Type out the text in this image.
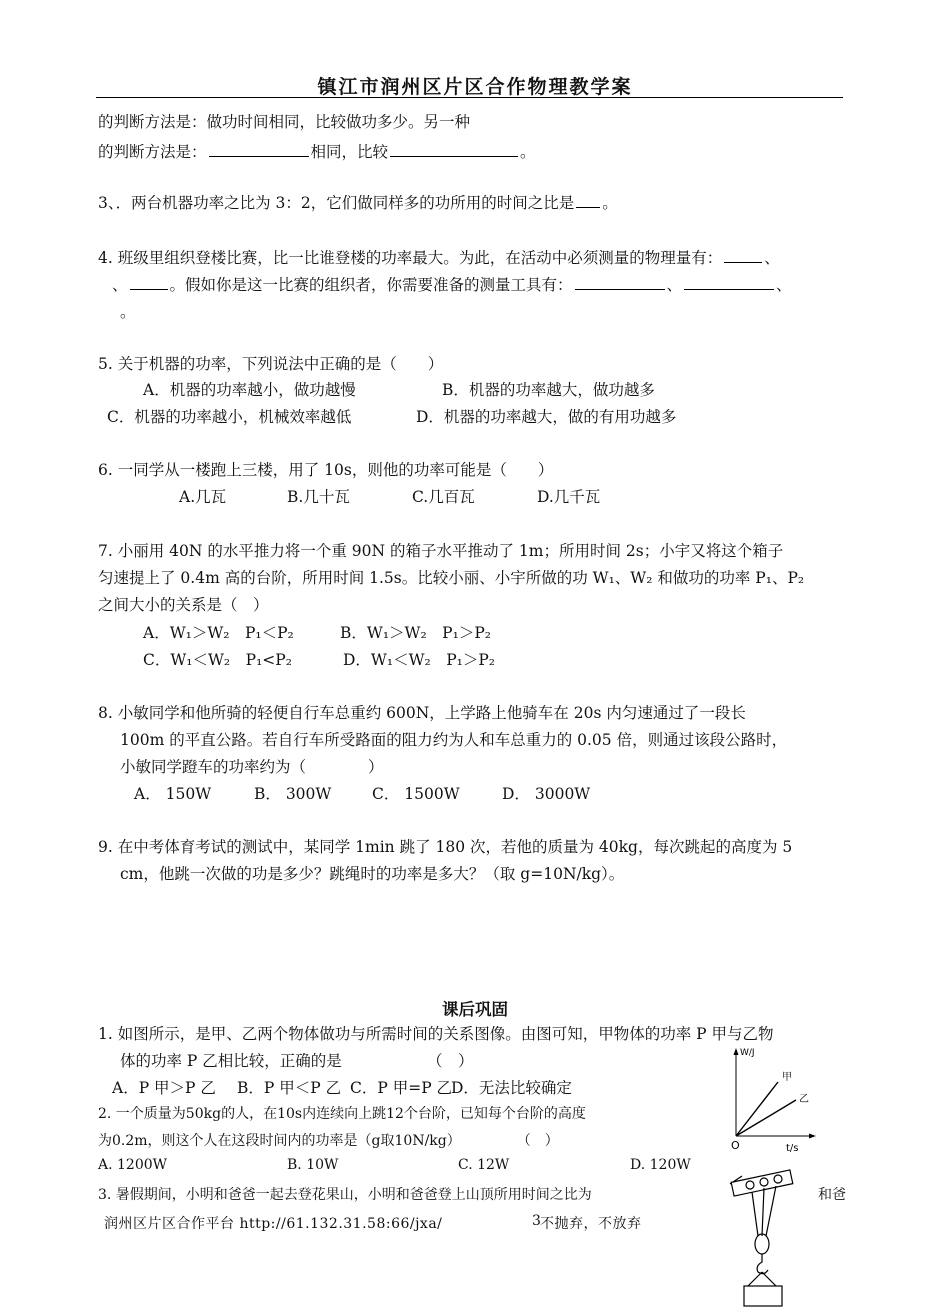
镇江市润州区片区合作物理教学案
的判断方法是：做功时间相同，比较做功多少。另一种
的判断方法是：	相同，比较	。
3、．两台机器功率之比为 3：2，它们做同样多的功所用的时间之比是 。
4. 班级里组织登楼比赛，比一比谁登楼的功率最大。为此，在活动中必须测量的物理量有：	、
、	。假如你是这一比赛的组织者，你需要准备的测量工具有：	、	、
。
5. 关于机器的功率，下列说法中正确的是（　　）
A．机器的功率越小，做功越慢	B．机器的功率越大，做功越多
C．机器的功率越小，机械效率越低	D．机器的功率越大，做的有用功越多
6. 一同学从一楼跑上三楼，用了 10s，则他的功率可能是（　　）
A.几瓦	B.几十瓦	C.几百瓦	D.几千瓦
7. 小丽用 40N 的水平推力将一个重 90N 的箱子水平推动了 1m；所用时间 2s；小宇又将这个箱子
匀速提上了 0.4m 高的台阶，所用时间 1.5s。比较小丽、小宇所做的功 W₁、W₂ 和做功的功率 P₁、P₂
之间大小的关系是（　）
A．W₁＞W₂　P₁＜P₂	B．W₁＞W₂　P₁＞P₂
C．W₁＜W₂　P₁<P₂	D．W₁＜W₂　P₁＞P₂
8. 小敏同学和他所骑的轻便自行车总重约 600N，上学路上他骑车在 20s 内匀速通过了一段长
100m 的平直公路。若自行车所受路面的阻力约为人和车总重力的 0.05 倍，则通过该段公路时，
小敏同学蹬车的功率约为（　　　　）
A． 150W	B． 300W	C． 1500W	D． 3000W
9. 在中考体育考试的测试中，某同学 1min 跳了 180 次，若他的质量为 40kg，每次跳起的高度为 5
cm，他跳一次做的功是多少？跳绳时的功率是多大？（取 g=10N/kg）。
课后巩固
1. 如图所示，是甲、乙两个物体做功与所需时间的关系图像。由图可知，甲物体的功率 P 甲与乙物
体的功率 P 乙相比较，正确的是　　　　　　（　）
A．P 甲＞P 乙 B．P 甲＜P 乙 C．P 甲=P 乙
D．无法比较确定
2. 一个质量为50kg的人，在10s内连续向上跳12个台阶，已知每个台阶的高度
为0.2m，则这个人在这段时间内的功率是（g取10N/kg）　　　　　（　）
A. 1200W	B. 10W	C. 12W	D. 120W
3. 暑假期间，小明和爸爸一起去登花果山，小明和爸爸登上山顶所用时间之比为	和爸
W/J
t/s
O
甲
乙
润州区片区合作平台 http://61.132.31.58:66/jxa/	3
不抛弃，不放弃
